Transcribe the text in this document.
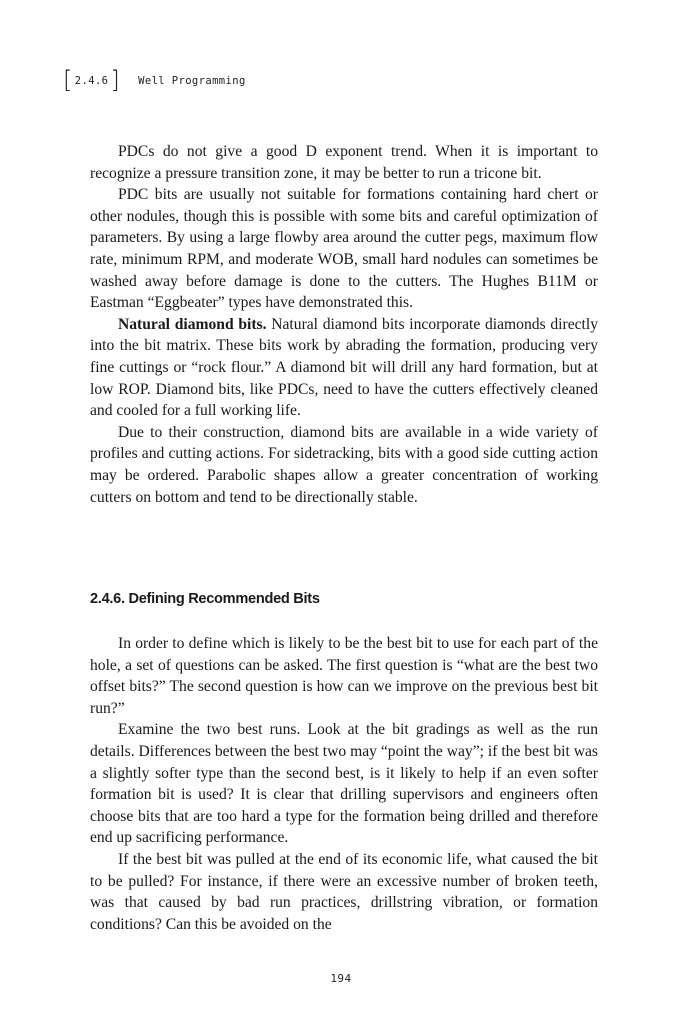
[ 2.4.6 ] Well Programming

PDCs do not give a good D exponent trend. When it is important to recognize a pressure transition zone, it may be better to run a tricone bit.

PDC bits are usually not suitable for formations containing hard chert or other nodules, though this is possible with some bits and careful optimization of parameters. By using a large flowby area around the cutter pegs, maximum flow rate, minimum RPM, and moderate WOB, small hard nodules can sometimes be washed away before damage is done to the cutters. The Hughes B11M or Eastman “Eggbeater” types have demonstrated this.

Natural diamond bits. Natural diamond bits incorporate diamonds directly into the bit matrix. These bits work by abrading the formation, producing very fine cuttings or “rock flour.” A diamond bit will drill any hard formation, but at low ROP. Diamond bits, like PDCs, need to have the cutters effectively cleaned and cooled for a full working life.

Due to their construction, diamond bits are available in a wide variety of profiles and cutting actions. For sidetracking, bits with a good side cutting action may be ordered. Parabolic shapes allow a greater concentration of working cutters on bottom and tend to be directionally stable.

2.4.6. Defining Recommended Bits

In order to define which is likely to be the best bit to use for each part of the hole, a set of questions can be asked. The first question is “what are the best two offset bits?” The second question is how can we improve on the previous best bit run?”

Examine the two best runs. Look at the bit gradings as well as the run details. Differences between the best two may “point the way”; if the best bit was a slightly softer type than the second best, is it likely to help if an even softer formation bit is used? It is clear that drilling supervisors and engineers often choose bits that are too hard a type for the formation being drilled and therefore end up sacrificing performance.

If the best bit was pulled at the end of its economic life, what caused the bit to be pulled? For instance, if there were an excessive number of broken teeth, was that caused by bad run practices, drillstring vibration, or formation conditions? Can this be avoided on the

194
